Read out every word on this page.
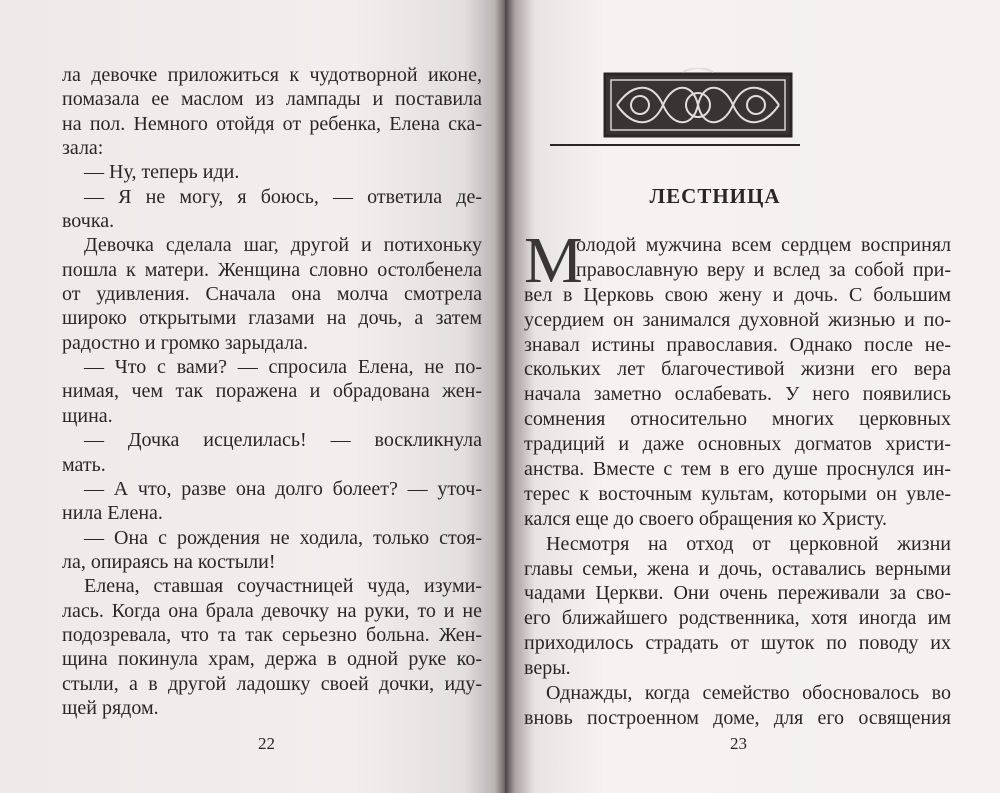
ла девочке приложиться к чудотворной иконе,
помазала ее маслом из лампады и поставила
на пол. Немного отойдя от ребенка, Елена ска-
зала:
— Ну, теперь иди.
— Я не могу, я боюсь, — ответила де-
вочка.
Девочка сделала шаг, другой и потихоньку
пошла к матери. Женщина словно остолбенела
от удивления. Сначала она молча смотрела
широко открытыми глазами на дочь, а затем
радостно и громко зарыдала.
— Что с вами? — спросила Елена, не по-
нимая, чем так поражена и обрадована жен-
щина.
— Дочка исцелилась! — воскликнула
мать.
— А что, разве она долго болеет? — уточ-
нила Елена.
— Она с рождения не ходила, только стоя-
ла, опираясь на костыли!
Елена, ставшая соучастницей чуда, изуми-
лась. Когда она брала девочку на руки, то и не
подозревала, что та так серьезно больна. Жен-
щина покинула храм, держа в одной руке ко-
стыли, а в другой ладошку своей дочки, иду-
щей рядом.
22
ЛЕСТНИЦА
М
олодой мужчина всем сердцем воспринял
православную веру и вслед за собой при-
вел в Церковь свою жену и дочь. С большим
усердием он занимался духовной жизнью и по-
знавал истины православия. Однако после не-
скольких лет благочестивой жизни его вера
начала заметно ослабевать. У него появились
сомнения относительно многих церковных
традиций и даже основных догматов христи-
анства. Вместе с тем в его душе проснулся ин-
терес к восточным культам, которыми он увле-
кался еще до своего обращения ко Христу.
Несмотря на отход от церковной жизни
главы семьи, жена и дочь, оставались верными
чадами Церкви. Они очень переживали за сво-
его ближайшего родственника, хотя иногда им
приходилось страдать от шуток по поводу их
веры.
Однажды, когда семейство обосновалось во
вновь построенном доме, для его освящения
23
